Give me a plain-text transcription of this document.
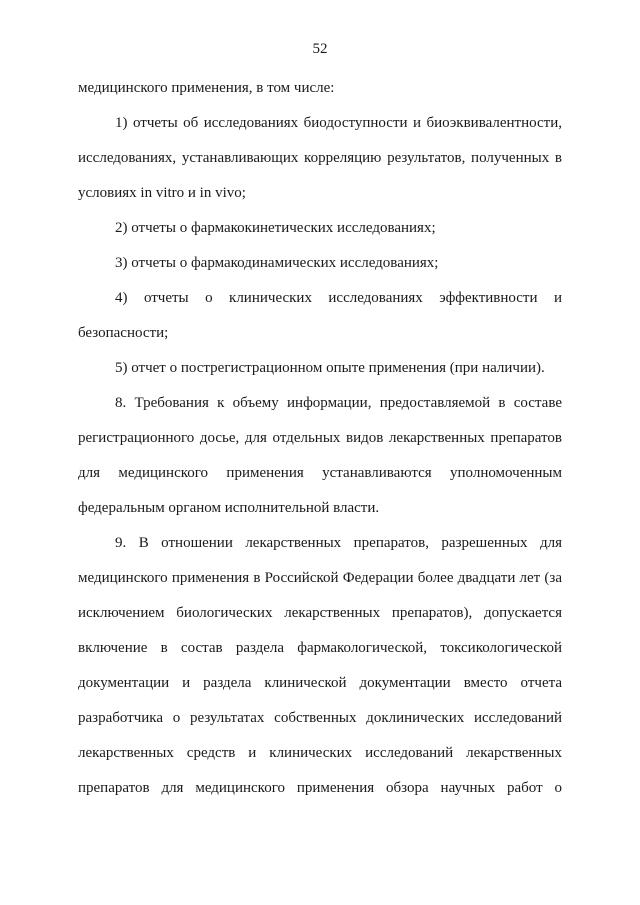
52
медицинского применения, в том числе:
1) отчеты об исследованиях биодоступности и биоэквивалентности,
исследованиях, устанавливающих корреляцию результатов, полученных в
условиях in vitro и in vivo;
2) отчеты о фармакокинетических исследованиях;
3) отчеты о фармакодинамических исследованиях;
4) отчеты о клинических исследованиях эффективности и
безопасности;
5) отчет о пострегистрационном опыте применения (при наличии).
8. Требования к объему информации, предоставляемой в составе
регистрационного досье, для отдельных видов лекарственных препаратов
для медицинского применения устанавливаются уполномоченным
федеральным органом исполнительной власти.
9. В отношении лекарственных препаратов, разрешенных для
медицинского применения в Российской Федерации более двадцати лет (за
исключением биологических лекарственных препаратов), допускается
включение в состав раздела фармакологической, токсикологической
документации и раздела клинической документации вместо отчета
разработчика о результатах собственных доклинических исследований
лекарственных средств и клинических исследований лекарственных
препаратов для медицинского применения обзора научных работ о
